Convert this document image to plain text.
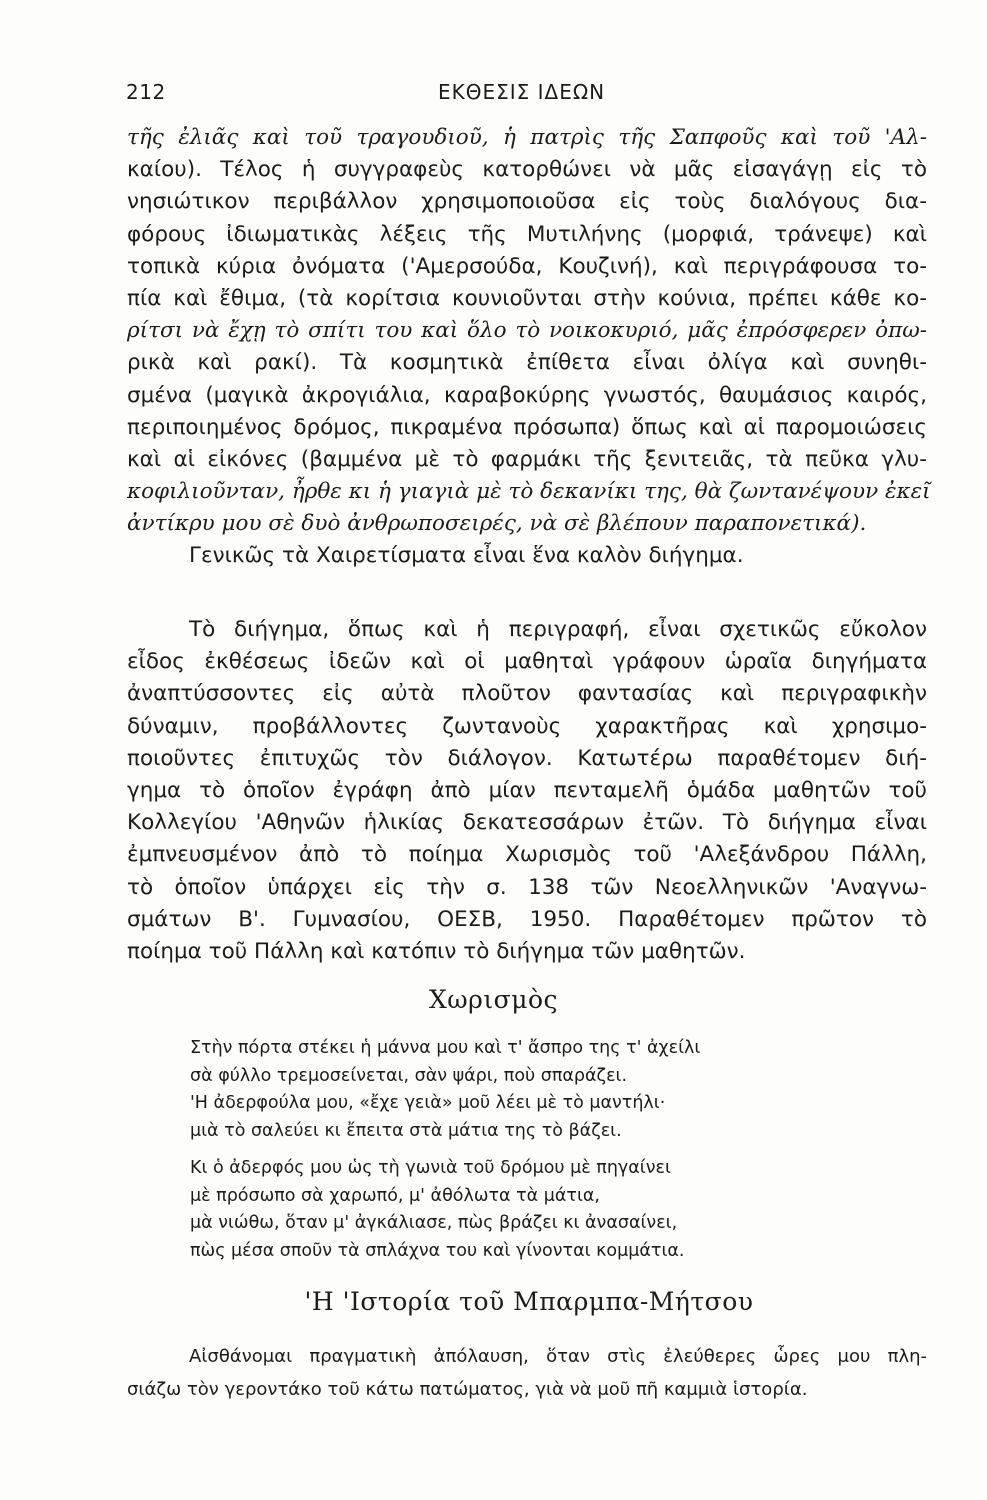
212	ΕΚΘΕΣΙΣ ΙΔΕΩΝ
τῆς ἐλιᾶς καὶ τοῦ τραγουδιοῦ, ἡ πατρὶς τῆς Σαπφοῦς καὶ τοῦ 'Αλ-
καίου). Τέλος ἡ συγγραφεὺς κατορθώνει νὰ μᾶς εἰσαγάγῃ εἰς τὸ
νησιώτικον περιβάλλον χρησιμοποιοῦσα εἰς τοὺς διαλόγους δια-
φόρους ἰδιωματικὰς λέξεις τῆς Μυτιλήνης (μορφιά, τράνεψε) καὶ
τοπικὰ κύρια ὀνόματα ('Αμερσούδα, Κουζινή), καὶ περιγράφουσα το-
πία καὶ ἔθιμα, (τὰ κορίτσια κουνιοῦνται στὴν κούνια, πρέπει κάθε κο-
ρίτσι νὰ ἔχῃ τὸ σπίτι του καὶ ὅλο τὸ νοικοκυριό, μᾶς ἐπρόσφερεν ὀπω-
ρικὰ καὶ ρακί). Τὰ κοσμητικὰ ἐπίθετα εἶναι ὀλίγα καὶ συνηθι-
σμένα (μαγικὰ ἀκρογιάλια, καραβοκύρης γνωστός, θαυμάσιος καιρός,
περιποιημένος δρόμος, πικραμένα πρόσωπα) ὅπως καὶ αἱ παρομοιώσεις
καὶ αἱ εἰκόνες (βαμμένα μὲ τὸ φαρμάκι τῆς ξενιτειᾶς, τὰ πεῦκα γλυ-
κοφιλιοῦνταν, ἦρθε κι ἡ γιαγιὰ μὲ τὸ δεκανίκι της, θὰ ζωντανέψουν ἐκεῖ
ἀντίκρυ μου σὲ δυὸ ἀνθρωποσειρές, νὰ σὲ βλέπουν παραπονετικά).
Γενικῶς τὰ Χαιρετίσματα εἶναι ἕνα καλὸν διήγημα.
Τὸ διήγημα, ὅπως καὶ ἡ περιγραφή, εἶναι σχετικῶς εὔκολον
εἶδος ἐκθέσεως ἰδεῶν καὶ οἱ μαθηταὶ γράφουν ὡραῖα διηγήματα
ἀναπτύσσοντες εἰς αὐτὰ πλοῦτον φαντασίας καὶ περιγραφικὴν
δύναμιν, προβάλλοντες ζωντανοὺς χαρακτῆρας καὶ χρησιμο-
ποιοῦντες ἐπιτυχῶς τὸν διάλογον. Κατωτέρω παραθέτομεν διή-
γημα τὸ ὁποῖον ἐγράφη ἀπὸ μίαν πενταμελῆ ὁμάδα μαθητῶν τοῦ
Κολλεγίου 'Αθηνῶν ἡλικίας δεκατεσσάρων ἐτῶν. Τὸ διήγημα εἶναι
ἐμπνευσμένον ἀπὸ τὸ ποίημα Χωρισμὸς τοῦ 'Αλεξάνδρου Πάλλη,
τὸ ὁποῖον ὑπάρχει εἰς τὴν σ. 138 τῶν Νεοελληνικῶν 'Αναγνω-
σμάτων Β'. Γυμνασίου, ΟΕΣΒ, 1950. Παραθέτομεν πρῶτον τὸ
ποίημα τοῦ Πάλλη καὶ κατόπιν τὸ διήγημα τῶν μαθητῶν.
Χωρισμὸς
Στὴν πόρτα στέκει ἡ μάννα μου καὶ τ' ἄσπρο της τ' ἀχείλι
σὰ φύλλο τρεμοσείνεται, σὰν ψάρι, ποὺ σπαράζει.
'Η ἀδερφούλα μου, «ἔχε γειὰ» μοῦ λέει μὲ τὸ μαντήλι·
μιὰ τὸ σαλεύει κι ἔπειτα στὰ μάτια της τὸ βάζει.
Κι ὁ ἀδερφός μου ὡς τὴ γωνιὰ τοῦ δρόμου μὲ πηγαίνει
μὲ πρόσωπο σὰ χαρωπό, μ' ἀθόλωτα τὰ μάτια,
μὰ νιώθω, ὅταν μ' ἀγκάλιασε, πὼς βράζει κι ἀνασαίνει,
πὼς μέσα σποῦν τὰ σπλάχνα του καὶ γίνονται κομμάτια.
'Η 'Ιστορία τοῦ Μπαρμπα-Μήτσου
Αἰσθάνομαι πραγματικὴ ἀπόλαυση, ὅταν στὶς ἐλεύθερες ὧρες μου πλη-
σιάζω τὸν γεροντάκο τοῦ κάτω πατώματος, γιὰ νὰ μοῦ πῆ καμμιὰ ἱστορία.
